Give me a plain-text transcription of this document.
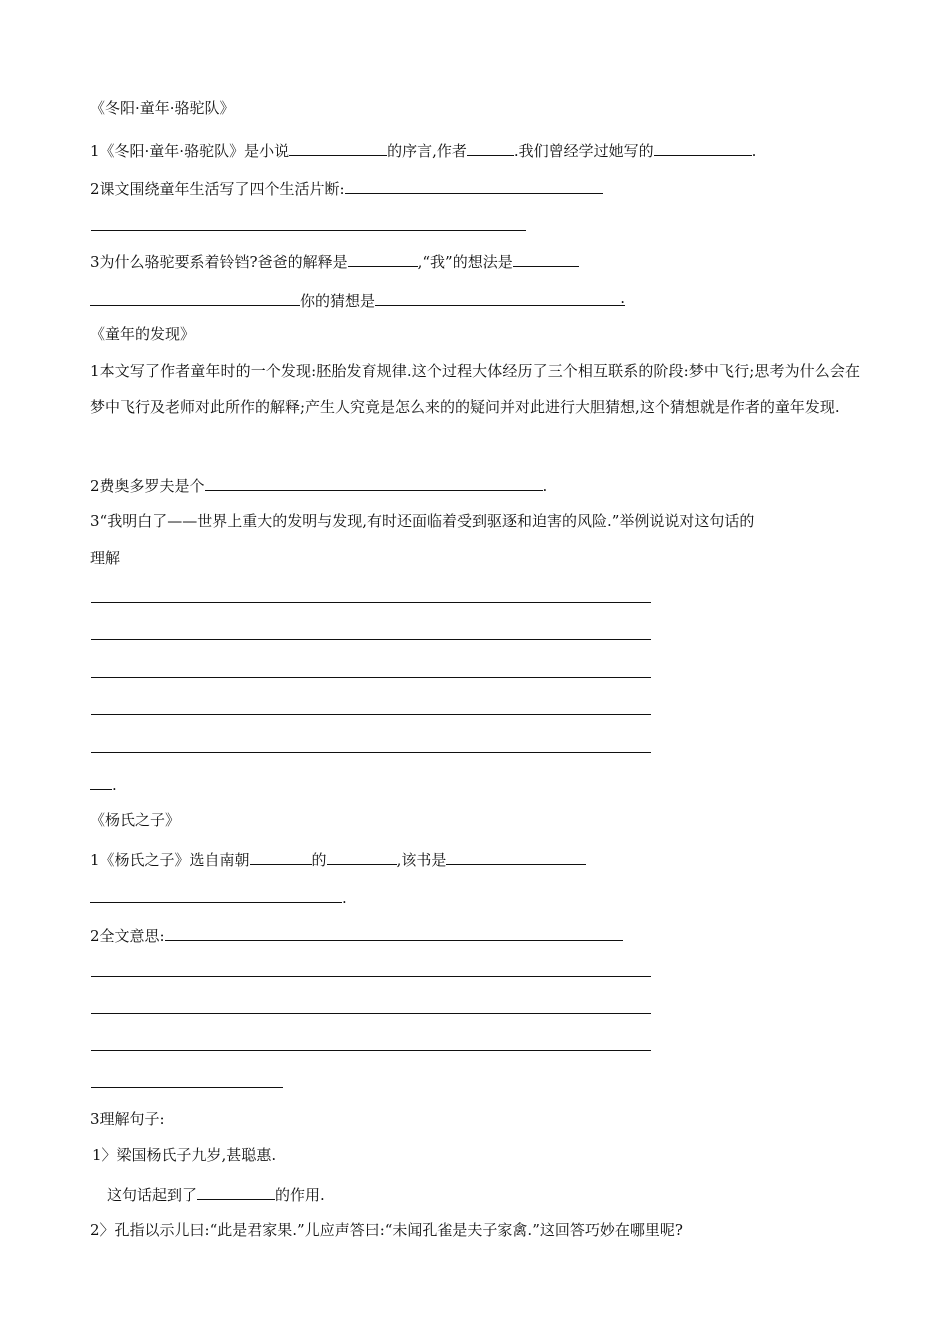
《冬阳·童年·骆驼队》
1《冬阳·童年·骆驼队》是小说	的序言,作者	.我们曾经学过她写的	.
2课文围绕童年生活写了四个生活片断:
3为什么骆驼要系着铃铛?爸爸的解释是	,“我”的想法是
你的猜想是	.
《童年的发现》
1本文写了作者童年时的一个发现:胚胎发育规律.这个过程大体经历了三个相互联系的阶段:梦中飞行;思考为什么会在梦中飞行及老师对此所作的解释;产生人究竟是怎么来的的疑问并对此进行大胆猜想,这个猜想就是作者的童年发现.
2费奥多罗夫是个	.
3“我明白了——世界上重大的发明与发现,有时还面临着受到驱逐和迫害的风险.”举例说说对这句话的
理解
.
《杨氏之子》
1《杨氏之子》选自南朝	的	,该书是
.
2全文意思:
3理解句子:
1〉梁国杨氏子九岁,甚聪惠.
这句话起到了	的作用.
2〉孔指以示儿曰:“此是君家果.”儿应声答曰:“未闻孔雀是夫子家禽.”这回答巧妙在哪里呢?
